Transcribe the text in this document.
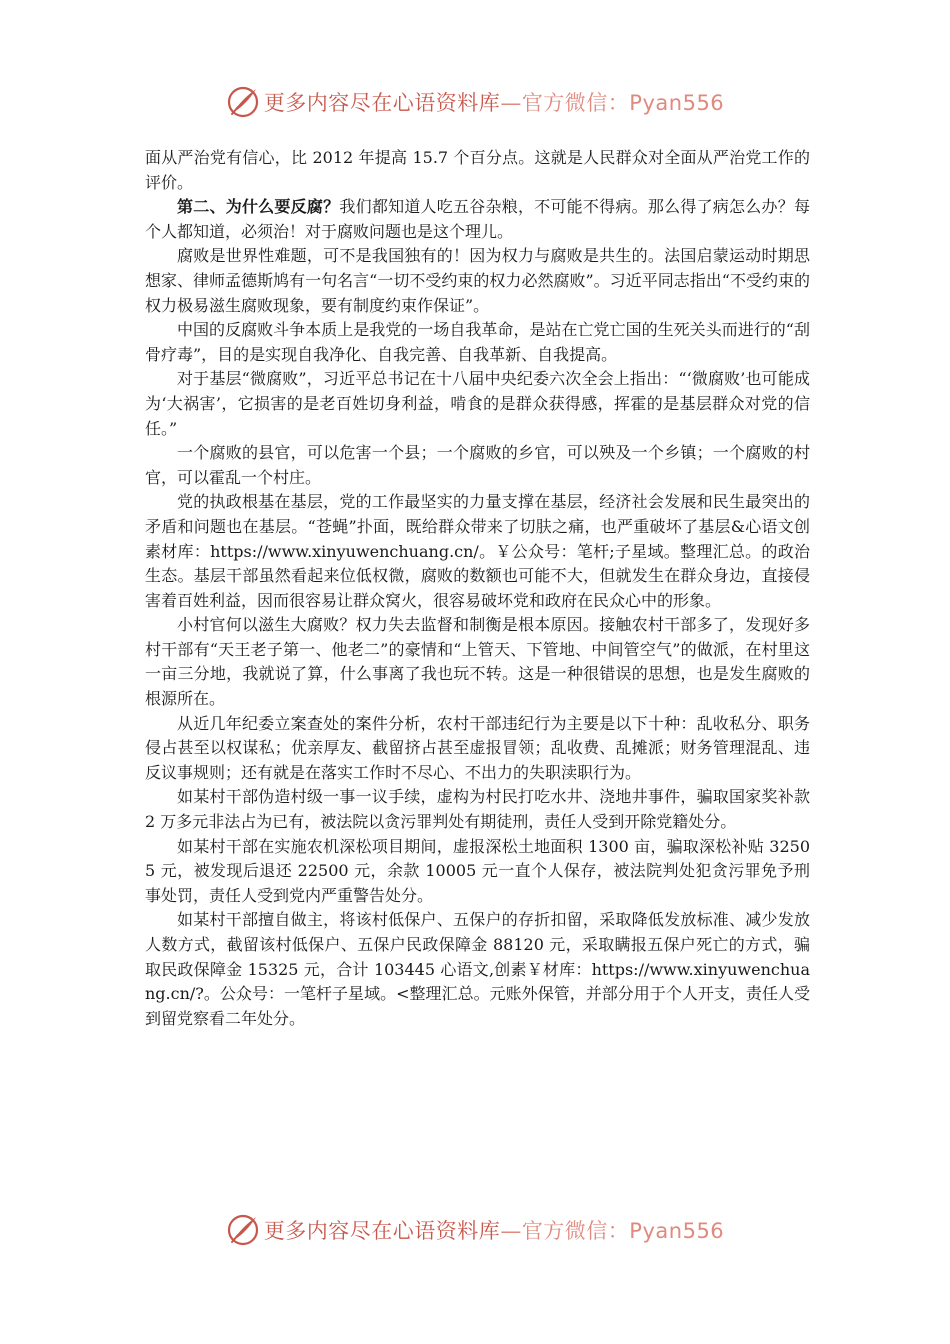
更多内容尽在心语资料库 —官方微信：Pyan556

面从严治党有信心，比 2012 年提高 15.7 个百分点。这就是人民群众对全面从严治党工作的评价。

第二、为什么要反腐？我们都知道人吃五谷杂粮，不可能不得病。那么得了病怎么办？每个人都知道，必须治！对于腐败问题也是这个理儿。

腐败是世界性难题，可不是我国独有的！因为权力与腐败是共生的。法国启蒙运动时期思想家、律师孟德斯鸠有一句名言“一切不受约束的权力必然腐败”。习近平同志指出“不受约束的权力极易滋生腐败现象，要有制度约束作保证”。

中国的反腐败斗争本质上是我党的一场自我革命，是站在亡党亡国的生死关头而进行的“刮骨疗毒”，目的是实现自我净化、自我完善、自我革新、自我提高。

对于基层“微腐败”，习近平总书记在十八届中央纪委六次全会上指出：“‘微腐败’也可能成为‘大祸害’，它损害的是老百姓切身利益，啃食的是群众获得感，挥霍的是基层群众对党的信任。”

一个腐败的县官，可以危害一个县；一个腐败的乡官，可以殃及一个乡镇；一个腐败的村官，可以霍乱一个村庄。

党的执政根基在基层，党的工作最坚实的力量支撑在基层，经济社会发展和民生最突出的矛盾和问题也在基层。“苍蝇”扑面，既给群众带来了切肤之痛，也严重破坏了基层&心语文创素材库：https://www.xinyuwenchuang.cn/。￥公众号：笔杆;子星域。整理汇总。的政治生态。基层干部虽然看起来位低权微，腐败的数额也可能不大，但就发生在群众身边，直接侵害着百姓利益，因而很容易让群众窝火，很容易破坏党和政府在民众心中的形象。

小村官何以滋生大腐败？权力失去监督和制衡是根本原因。接触农村干部多了，发现好多村干部有“天王老子第一、他老二”的豪情和“上管天、下管地、中间管空气”的做派，在村里这一亩三分地，我就说了算，什么事离了我也玩不转。这是一种很错误的思想，也是发生腐败的根源所在。

从近几年纪委立案查处的案件分析，农村干部违纪行为主要是以下十种：乱收私分、职务侵占甚至以权谋私；优亲厚友、截留挤占甚至虚报冒领；乱收费、乱摊派；财务管理混乱、违反议事规则；还有就是在落实工作时不尽心、不出力的失职渎职行为。

如某村干部伪造村级一事一议手续，虚构为村民打吃水井、浇地井事件，骗取国家奖补款 2 万多元非法占为已有，被法院以贪污罪判处有期徒刑，责任人受到开除党籍处分。

如某村干部在实施农机深松项目期间，虚报深松土地面积 1300 亩，骗取深松补贴 32505 元，被发现后退还 22500 元，余款 10005 元一直个人保存，被法院判处犯贪污罪免予刑事处罚，责任人受到党内严重警告处分。

如某村干部擅自做主，将该村低保户、五保户的存折扣留，采取降低发放标准、减少发放人数方式，截留该村低保户、五保户民政保障金 88120 元，采取瞒报五保户死亡的方式，骗取民政保障金 15325 元，合计 103445 心语文,创素￥材库：https://www.xinyuwenchuang.cn/?。公众号：一笔杆子星域。<整理汇总。元账外保管，并部分用于个人开支，责任人受到留党察看二年处分。

更多内容尽在心语资料库 —官方微信：Pyan556
